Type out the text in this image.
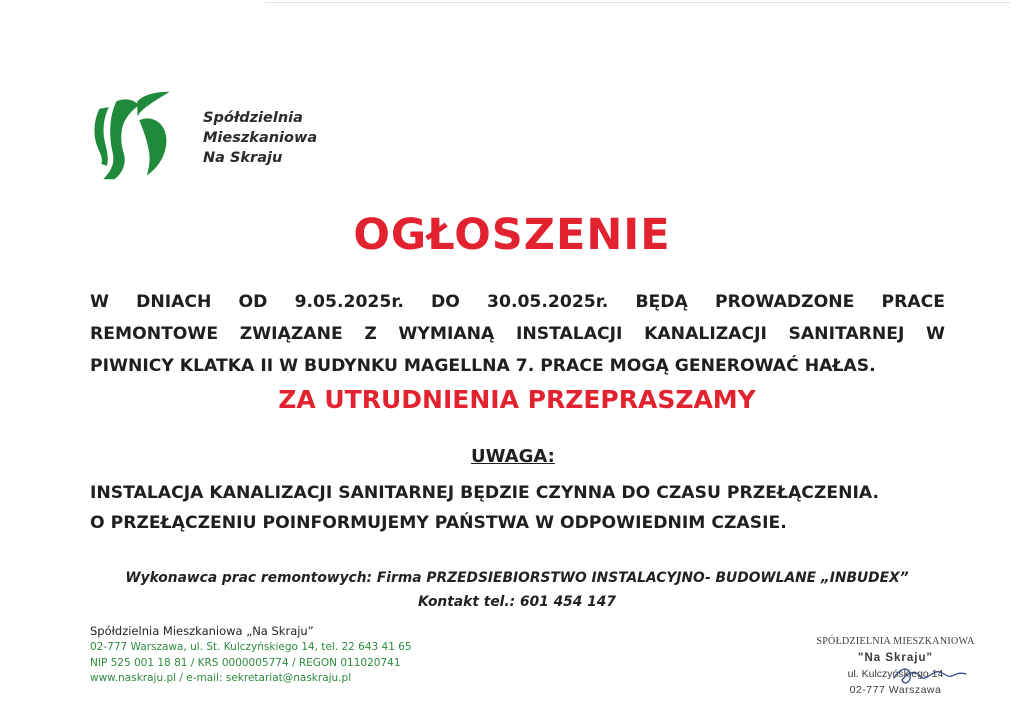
Spółdzielnia
Mieszkaniowa
Na Skraju
OGŁOSZENIE
W DNIACH OD 9.05.2025r. DO 30.05.2025r. BĘDĄ PROWADZONE PRACE
REMONTOWE ZWIĄZANE Z WYMIANĄ INSTALACJI KANALIZACJI SANITARNEJ W
PIWNICY KLATKA II W BUDYNKU MAGELLNA 7. PRACE MOGĄ GENEROWAĆ HAŁAS.
ZA UTRUDNIENIA PRZEPRASZAMY
UWAGA:
INSTALACJA KANALIZACJI SANITARNEJ BĘDZIE CZYNNA DO CZASU PRZEŁĄCZENIA.
O PRZEŁĄCZENIU POINFORMUJEMY PAŃSTWA W ODPOWIEDNIM CZASIE.
Wykonawca prac remontowych: Firma PRZEDSIEBIORSTWO INSTALACYJNO- BUDOWLANE „INBUDEX”
Kontakt tel.: 601 454 147
Spółdzielnia Mieszkaniowa „Na Skraju”
02-777 Warszawa, ul. St. Kulczyńskiego 14, tel. 22 643 41 65
NIP 525 001 18 81 / KRS 0000005774 / REGON 011020741
www.naskraju.pl / e-mail: sekretariat@naskraju.pl
SPÓŁDZIELNIA MIESZKANIOWA
"Na Skraju"
ul. Kulczyńskiego 14
02-777 Warszawa
